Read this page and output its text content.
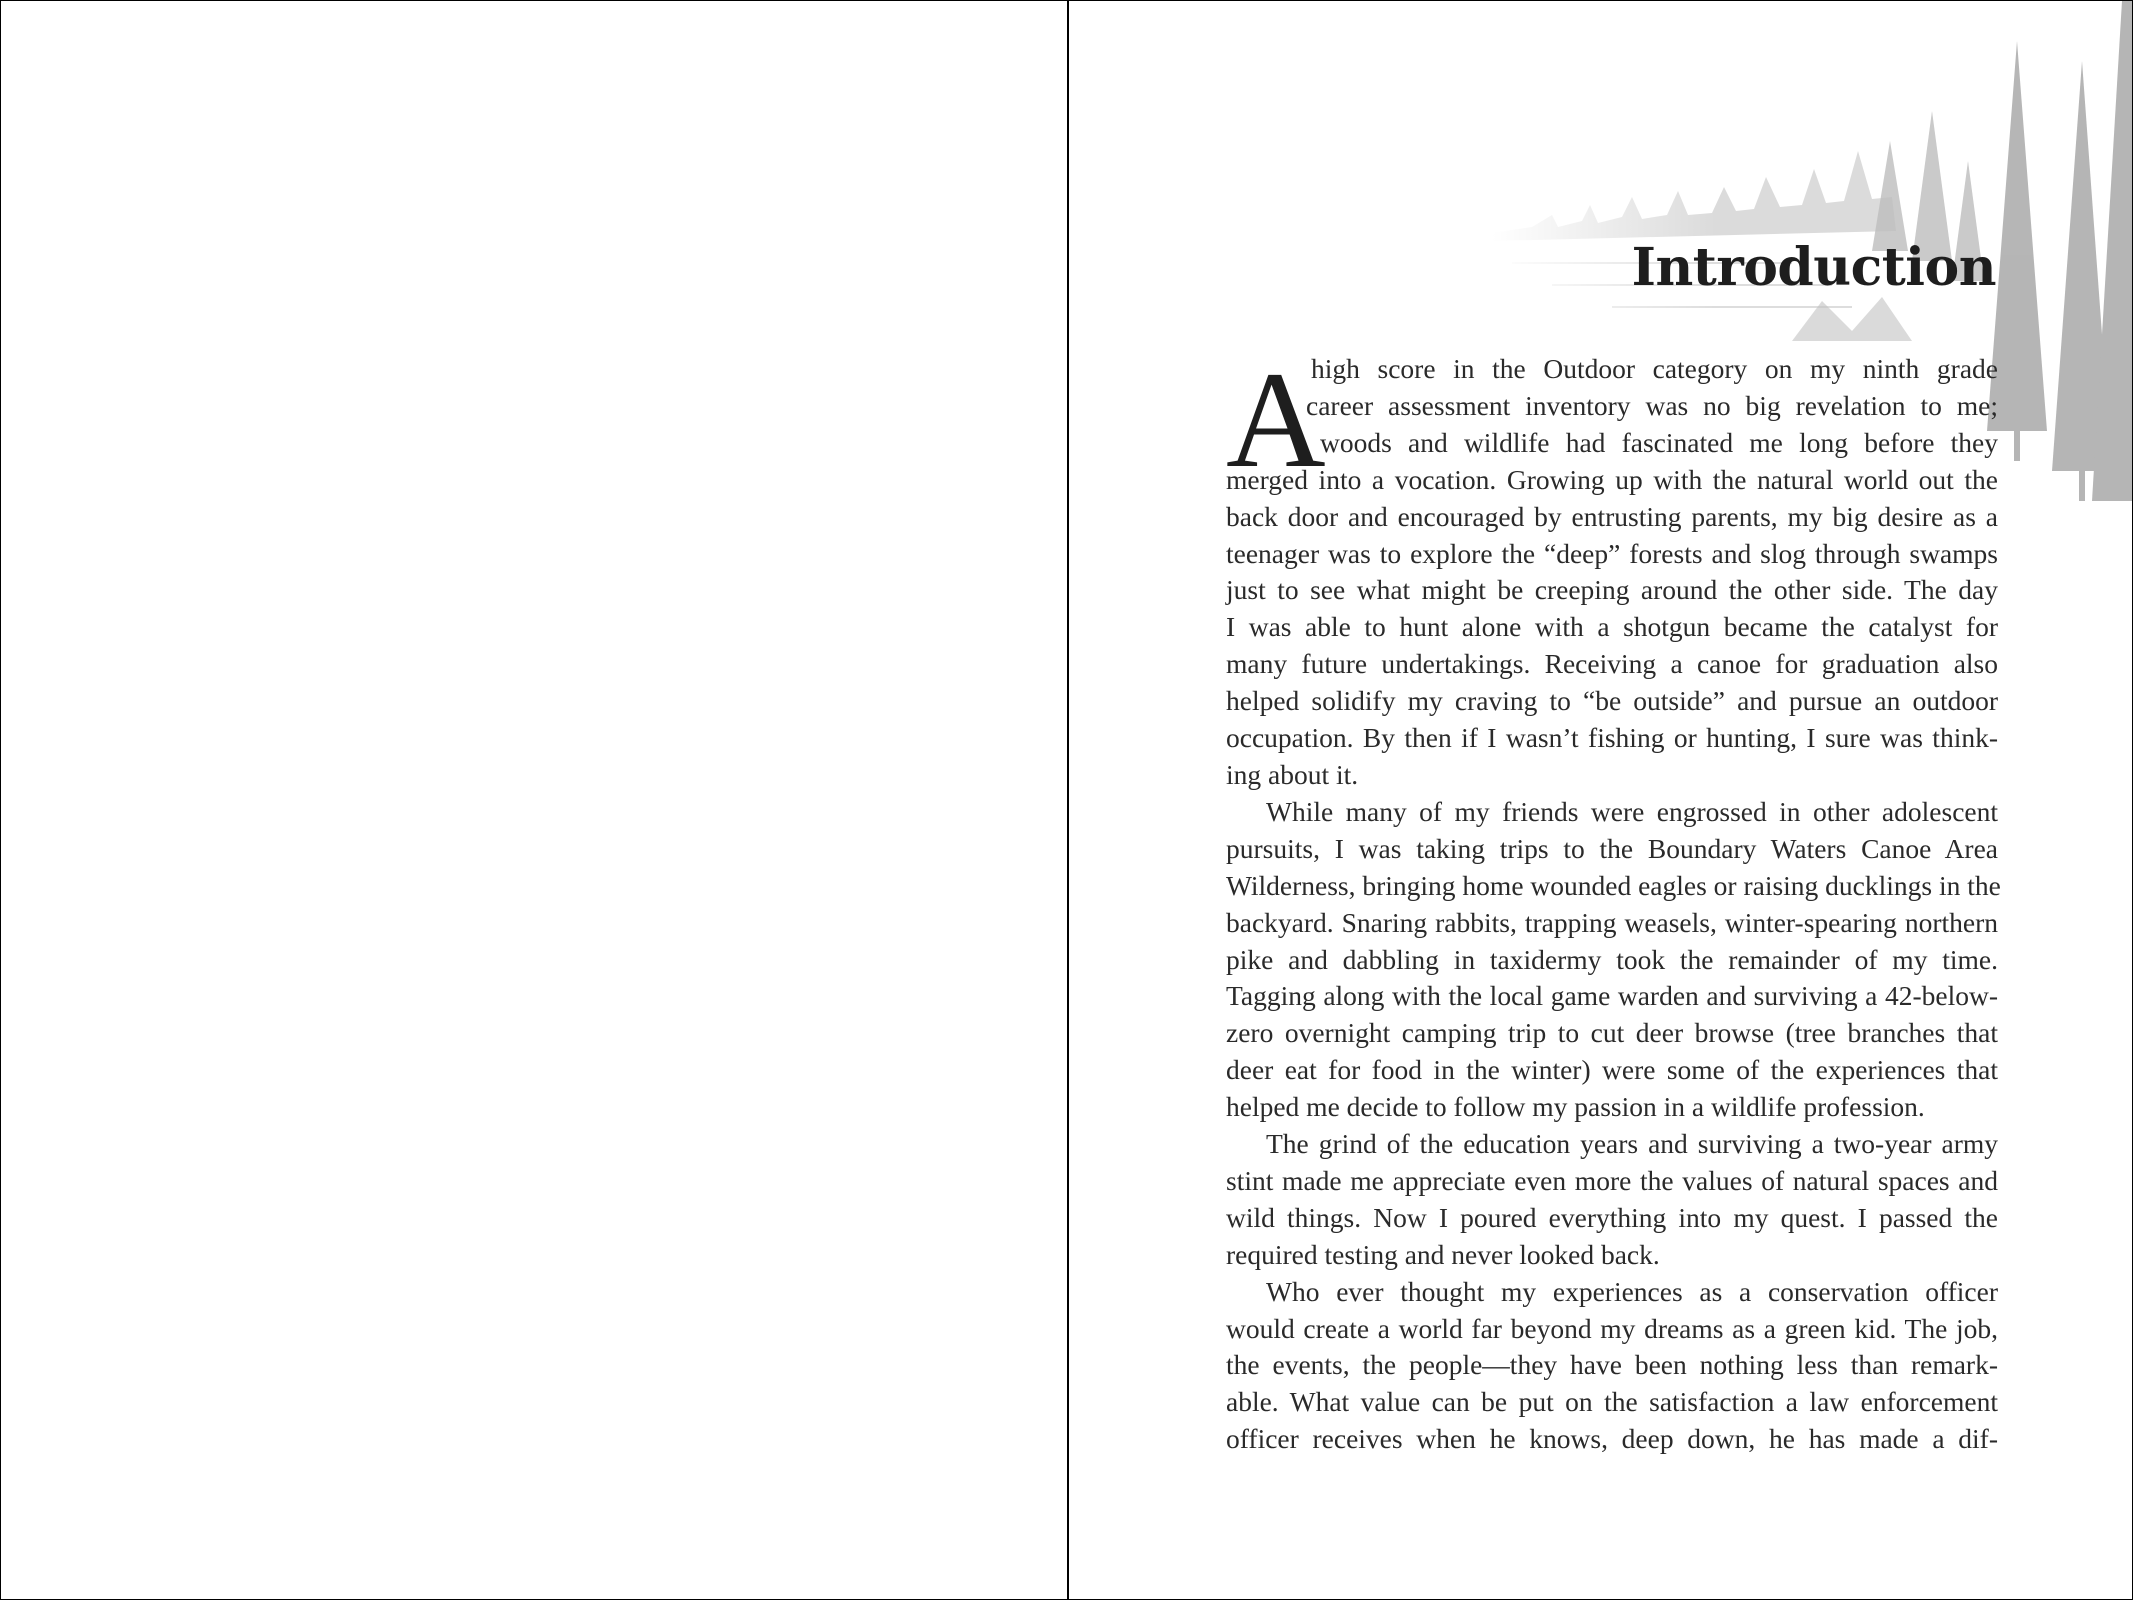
Introduction
A

high score in the Outdoor category on my ninth grade

career assessment inventory was no big revelation to me;

woods and wildlife had fascinated me long before they

merged into a vocation. Growing up with the natural world out the

back door and encouraged by entrusting parents, my big desire as a

teenager was to explore the “deep” forests and slog through swamps

just to see what might be creeping around the other side. The day

I was able to hunt alone with a shotgun became the catalyst for

many future undertakings. Receiving a canoe for graduation also

helped solidify my craving to “be outside” and pursue an outdoor

occupation. By then if I wasn’t fishing or hunting, I sure was think-

ing about it.

While many of my friends were engrossed in other adolescent

pursuits, I was taking trips to the Boundary Waters Canoe Area

Wilderness, bringing home wounded eagles or raising ducklings in the

backyard. Snaring rabbits, trapping weasels, winter-spearing northern

pike and dabbling in taxidermy took the remainder of my time.

Tagging along with the local game warden and surviving a 42-below-

zero overnight camping trip to cut deer browse (tree branches that

deer eat for food in the winter) were some of the experiences that

helped me decide to follow my passion in a wildlife profession.

The grind of the education years and surviving a two-year army

stint made me appreciate even more the values of natural spaces and

wild things. Now I poured everything into my quest. I passed the

required testing and never looked back.

Who ever thought my experiences as a conservation officer

would create a world far beyond my dreams as a green kid. The job,

the events, the people—they have been nothing less than remark-

able. What value can be put on the satisfaction a law enforcement

officer receives when he knows, deep down, he has made a dif-
